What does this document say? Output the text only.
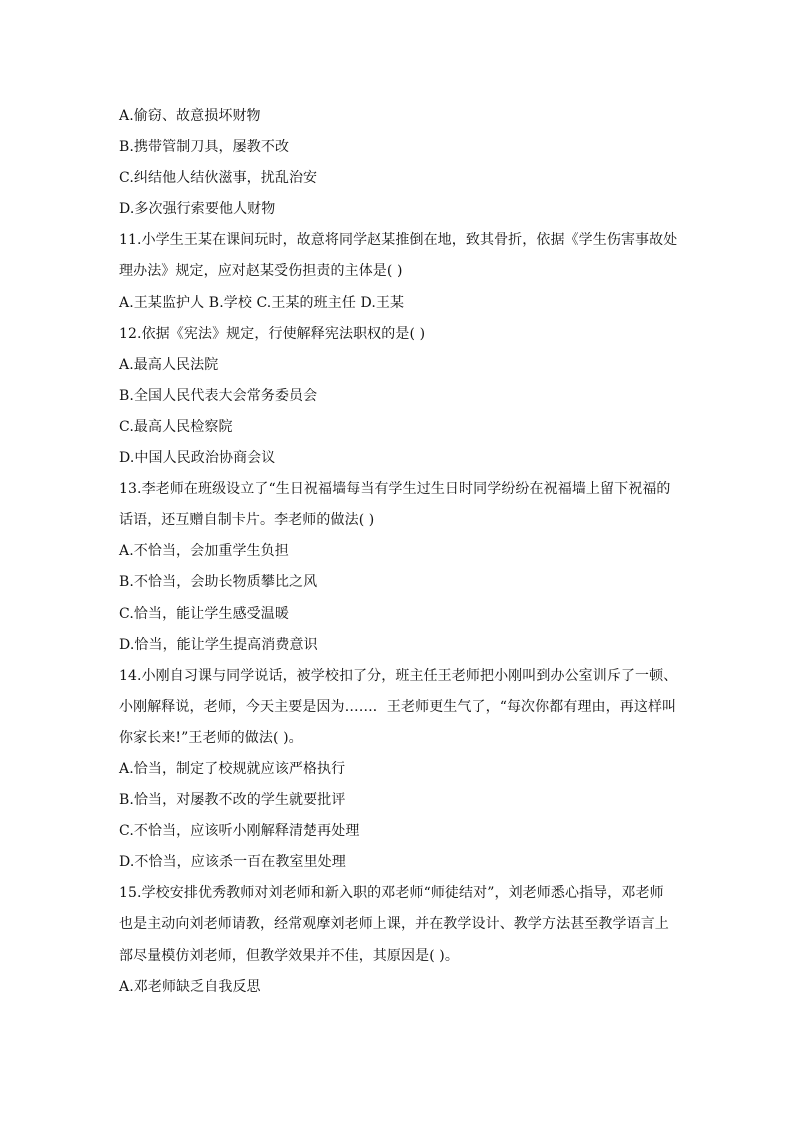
A.偷窃、故意损坏财物
B.携带管制刀具，屡教不改
C.纠结他人结伙滋事，扰乱治安
D.多次强行索要他人财物
11.小学生王某在课间玩时，故意将同学赵某推倒在地，致其骨折，依据《学生伤害事故处
理办法》规定，应对赵某受伤担责的主体是( )
A.王某监护人 B.学校 C.王某的班主任 D.王某
12.依据《宪法》规定，行使解释宪法职权的是( )
A.最高人民法院
B.全国人民代表大会常务委员会
C.最高人民检察院
D.中国人民政治协商会议
13.李老师在班级设立了“生日祝福墙每当有学生过生日时同学纷纷在祝福墙上留下祝福的
话语，还互赠自制卡片。李老师的做法( )
A.不恰当，会加重学生负担
B.不恰当，会助长物质攀比之风
C.恰当，能让学生感受温暖
D.恰当，能让学生提高消费意识
14.小刚自习课与同学说话，被学校扣了分，班主任王老师把小刚叫到办公室训斥了一顿、
小刚解释说，老师，今天主要是因为……．王老师更生气了，“每次你都有理由，再这样叫
你家长来!”王老师的做法( )。
A.恰当，制定了校规就应该严格执行
B.恰当，对屡教不改的学生就要批评
C.不恰当，应该听小刚解释清楚再处理
D.不恰当，应该杀一百在教室里处理
15.学校安排优秀教师对刘老师和新入职的邓老师“师徒结对”，刘老师悉心指导，邓老师
也是主动向刘老师请教，经常观摩刘老师上课，并在教学设计、教学方法甚至教学语言上
部尽量模仿刘老师，但教学效果并不佳，其原因是( )。
A.邓老师缺乏自我反思
